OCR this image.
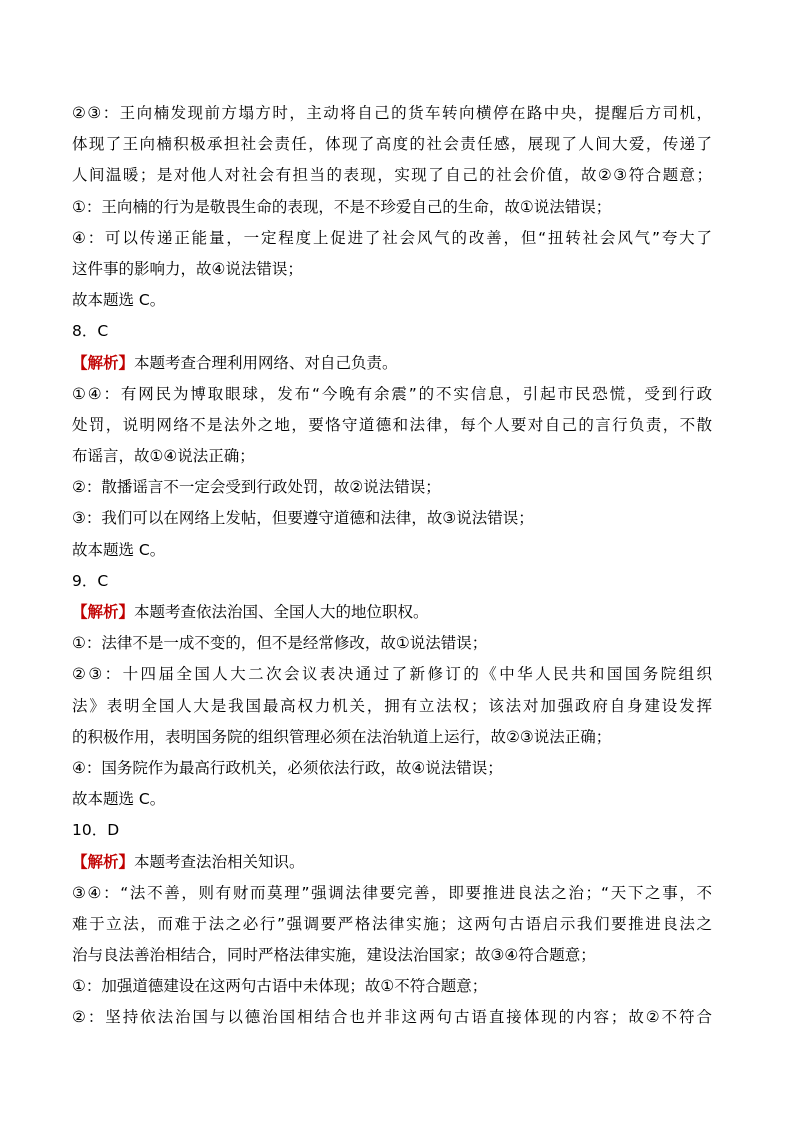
②③：王向楠发现前方塌方时，主动将自己的货车转向横停在路中央，提醒后方司机，
体现了王向楠积极承担社会责任，体现了高度的社会责任感，展现了人间大爱，传递了
人间温暖；是对他人对社会有担当的表现，实现了自己的社会价值，故②③符合题意；
①：王向楠的行为是敬畏生命的表现，不是不珍爱自己的生命，故①说法错误；
④：可以传递正能量，一定程度上促进了社会风气的改善，但“扭转社会风气”夸大了
这件事的影响力，故④说法错误；
故本题选 C。
8．C
【解析】本题考查合理利用网络、对自己负责。
①④：有网民为博取眼球，发布“今晚有余震”的不实信息，引起市民恐慌，受到行政
处罚，说明网络不是法外之地，要恪守道德和法律，每个人要对自己的言行负责，不散
布谣言，故①④说法正确；
②：散播谣言不一定会受到行政处罚，故②说法错误；
③：我们可以在网络上发帖，但要遵守道德和法律，故③说法错误；
故本题选 C。
9．C
【解析】本题考查依法治国、全国人大的地位职权。
①：法律不是一成不变的，但不是经常修改，故①说法错误；
②③：十四届全国人大二次会议表决通过了新修订的《中华人民共和国国务院组织
法》表明全国人大是我国最高权力机关，拥有立法权；该法对加强政府自身建设发挥
的积极作用，表明国务院的组织管理必须在法治轨道上运行，故②③说法正确；
④：国务院作为最高行政机关，必须依法行政，故④说法错误；
故本题选 C。
10．D
【解析】本题考查法治相关知识。
③④：“法不善，则有财而莫理”强调法律要完善，即要推进良法之治；“天下之事，不
难于立法，而难于法之必行”强调要严格法律实施；这两句古语启示我们要推进良法之
治与良法善治相结合，同时严格法律实施，建设法治国家；故③④符合题意；
①：加强道德建设在这两句古语中未体现；故①不符合题意；
②：坚持依法治国与以德治国相结合也并非这两句古语直接体现的内容；故②不符合
